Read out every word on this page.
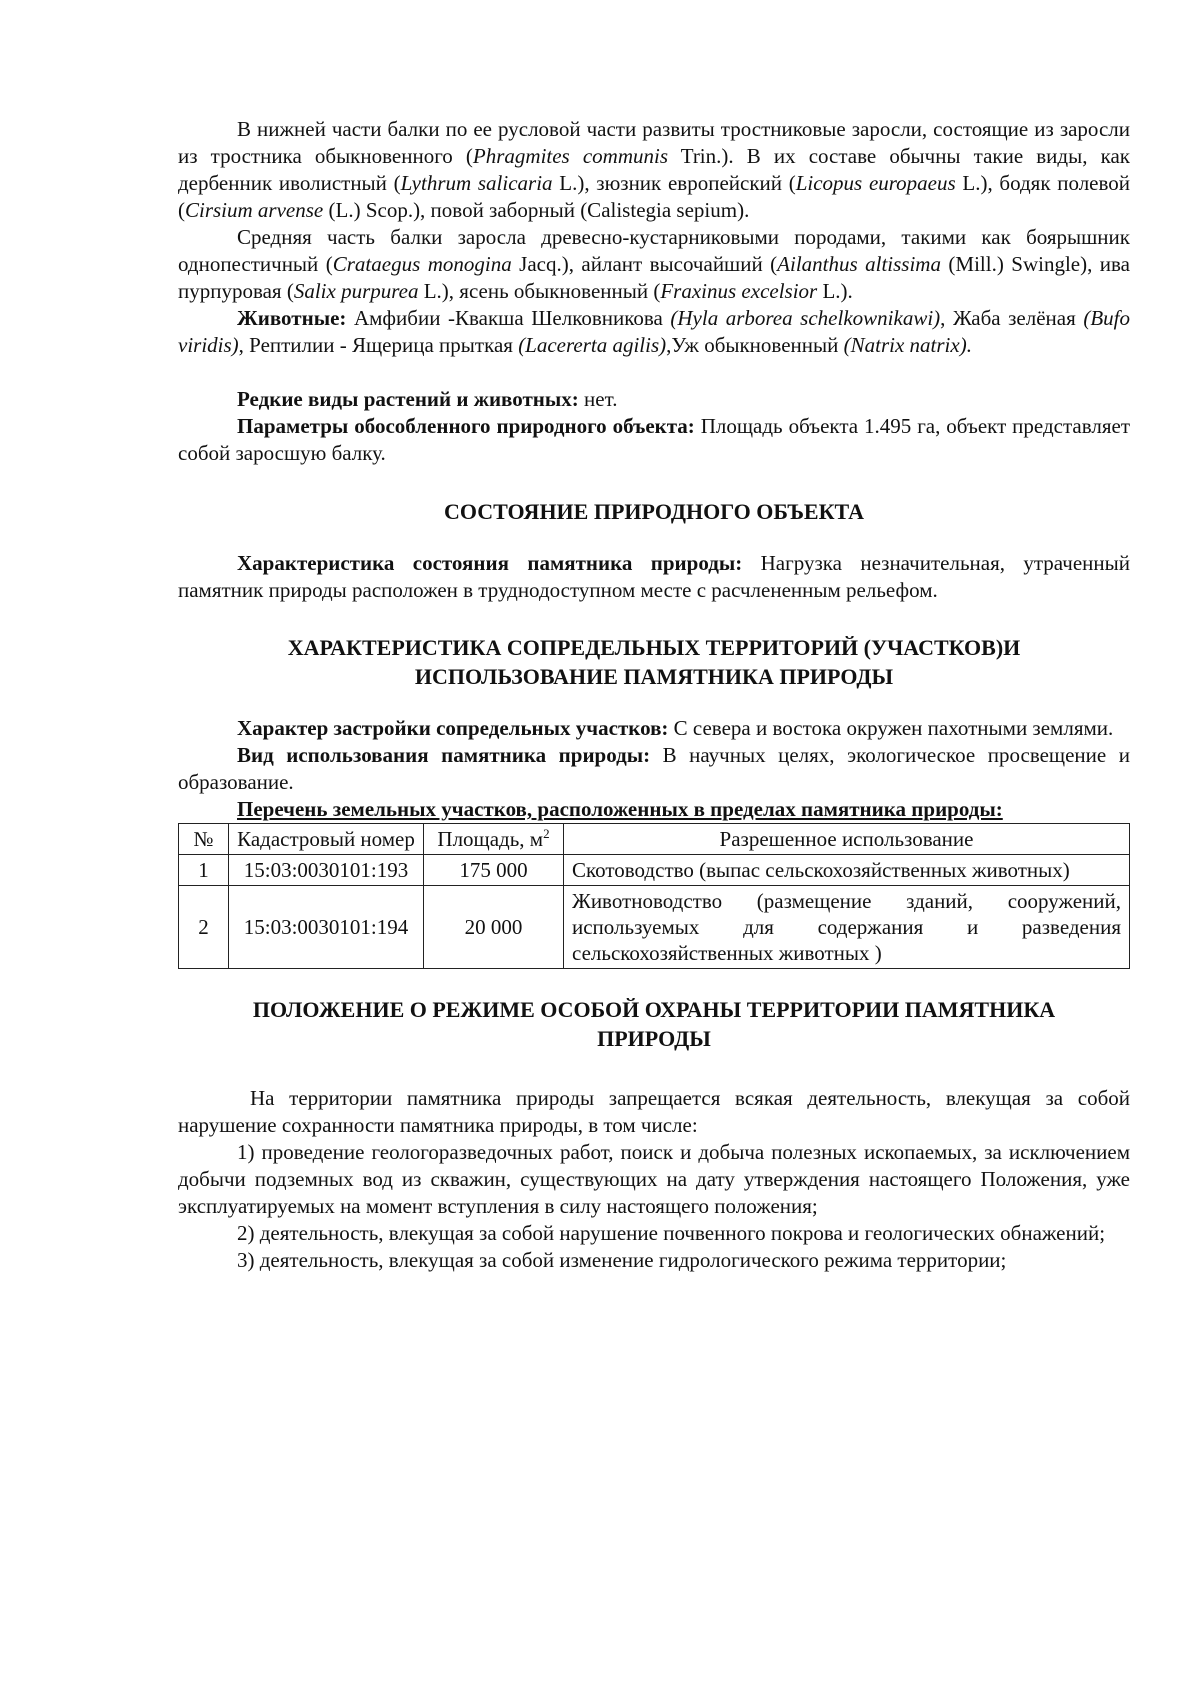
В нижней части балки по ее русловой части развиты тростниковые заросли, состоящие из заросли из тростника обыкновенного (Phragmites communis Trin.). В их составе обычны такие виды, как дербенник иволистный (Lythrum salicaria L.), зюзник европейский (Licopus europaeus L.), бодяк полевой (Cirsium arvense (L.) Scop.), повой заборный (Calistegia sepium).

Средняя часть балки заросла древесно-кустарниковыми породами, такими как боярышник однопестичный (Crataegus monogina Jacq.), айлант высочайший (Ailanthus altissima (Mill.) Swingle), ива пурпуровая (Salix purpurea L.), ясень обыкновенный (Fraxinus excelsior L.).

Животные: Амфибии -Квакша Шелковникова (Hyla arborea schelkownikawi), Жаба зелёная (Bufo viridis), Рептилии - Ящерица прыткая (Lacererta agilis),Уж обыкновенный (Natrix natrix).

Редкие виды растений и животных: нет.

Параметры обособленного природного объекта: Площадь объекта 1.495 га, объект представляет собой заросшую балку.

СОСТОЯНИЕ ПРИРОДНОГО ОБЪЕКТА

Характеристика состояния памятника природы: Нагрузка незначительная, утраченный памятник природы расположен в труднодоступном месте с расчлененным рельефом.

ХАРАКТЕРИСТИКА СОПРЕДЕЛЬНЫХ ТЕРРИТОРИЙ (УЧАСТКОВ)И
ИСПОЛЬЗОВАНИЕ ПАМЯТНИКА ПРИРОДЫ

Характер застройки сопредельных участков: С севера и востока окружен пахотными землями.

Вид использования памятника природы: В научных целях, экологическое просвещение и образование.

Перечень земельных участков, расположенных в пределах памятника природы:

№	Кадастровый номер	Площадь, $м^2$	Разрешенное использование
1	15:03:0030101:193	175 000	Скотоводство (выпас сельскохозяйственных животных)
2	15:03:0030101:194	20 000	Животноводство (размещение зданий, сооружений, используемых для содержания и разведения сельскохозяйственных животных )
ПОЛОЖЕНИЕ О РЕЖИМЕ ОСОБОЙ ОХРАНЫ ТЕРРИТОРИИ ПАМЯТНИКА
ПРИРОДЫ

На территории памятника природы запрещается всякая деятельность, влекущая за собой нарушение сохранности памятника природы, в том числе:

1) проведение геологоразведочных работ, поиск и добыча полезных ископаемых, за исключением добычи подземных вод из скважин, существующих на дату утверждения настоящего Положения, уже эксплуатируемых на момент вступления в силу настоящего положения;

2) деятельность, влекущая за собой нарушение почвенного покрова и геологических обнажений;

3) деятельность, влекущая за собой изменение гидрологического режима территории;
